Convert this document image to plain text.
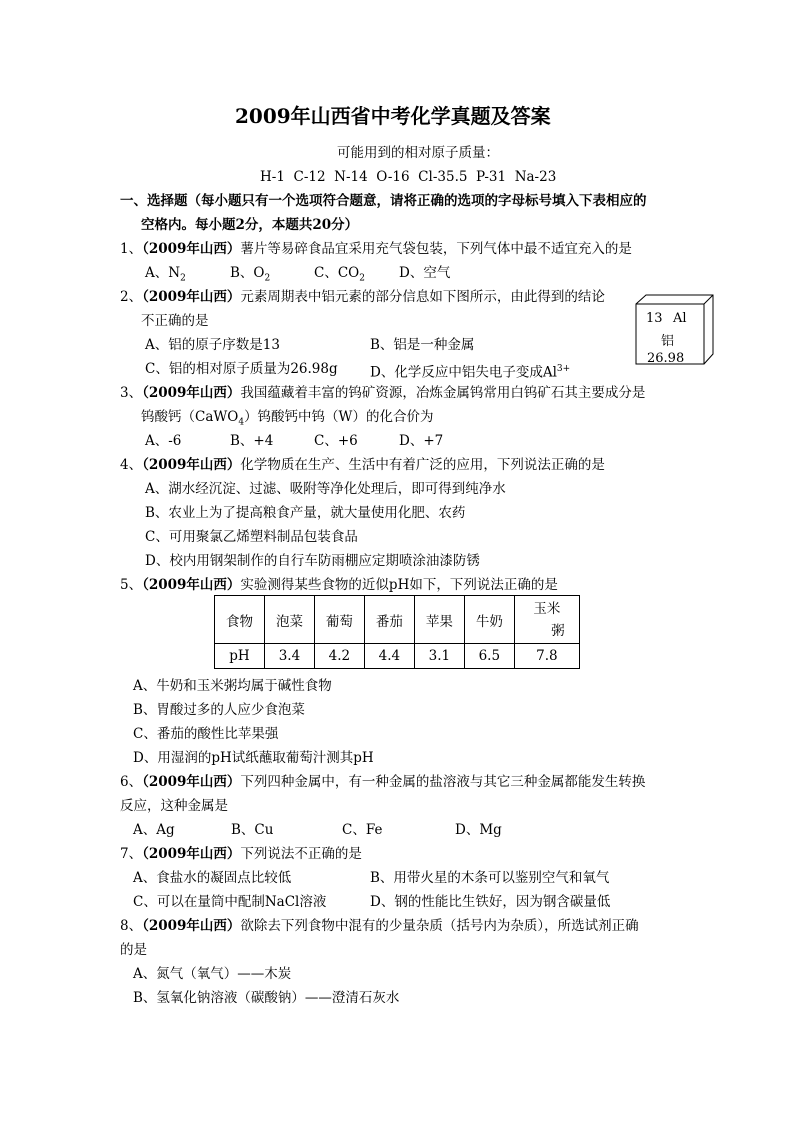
2009年山西省中考化学真题及答案
可能用到的相对原子质量：
H-1  C-12  N-14  O-16  Cl-35.5  P-31  Na-23
一、选择题（每小题只有一个选项符合题意，请将正确的选项的字母标号填入下表相应的
空格内。每小题2分，本题共20分）
1、（2009年山西）薯片等易碎食品宜采用充气袋包装，下列气体中最不适宜充入的是
A、$N_2$	B、$O_2$	C、$CO_2$	D、空气
2、（2009年山西）元素周期表中铝元素的部分信息如下图所示，由此得到的结论
不正确的是
A、铝的原子序数是13	B、铝是一种金属
C、铝的相对原子质量为26.98g D、化学反应中铝失电子变成$Al^{3+}$
13 Al
铝
26.98
3、（2009年山西）我国蕴藏着丰富的钨矿资源，冶炼金属钨常用白钨矿石其主要成分是
钨酸钙（CaWO$_4$）钨酸钙中钨（W）的化合价为
A、-6	B、+4	C、+6	D、+7
4、（2009年山西）化学物质在生产、生活中有着广泛的应用，下列说法正确的是
A、湖水经沉淀、过滤、吸附等净化处理后，即可得到纯净水
B、农业上为了提高粮食产量，就大量使用化肥、农药
C、可用聚氯乙烯塑料制品包装食品
D、校内用钢架制作的自行车防雨棚应定期喷涂油漆防锈
5、（2009年山西）实验测得某些食物的近似pH如下，下列说法正确的是
食物	泡菜	葡萄	番茄	苹果	牛奶	玉米
粥
pH	3.4	4.2	4.4	3.1	6.5	7.8
A、牛奶和玉米粥均属于碱性食物
B、胃酸过多的人应少食泡菜
C、番茄的酸性比苹果强
D、用湿润的pH试纸蘸取葡萄汁测其pH
6、（2009年山西）下列四种金属中，有一种金属的盐溶液与其它三种金属都能发生转换
反应，这种金属是
A、Ag	B、Cu	C、Fe	D、Mg
7、（2009年山西）下列说法不正确的是
A、食盐水的凝固点比较低	B、用带火星的木条可以鉴别空气和氧气
C、可以在量筒中配制NaCl溶液	D、钢的性能比生铁好，因为钢含碳量低
8、（2009年山西）欲除去下列食物中混有的少量杂质（括号内为杂质），所选试剂正确
的是
A、氮气（氧气）——木炭
B、氢氧化钠溶液（碳酸钠）——澄清石灰水
